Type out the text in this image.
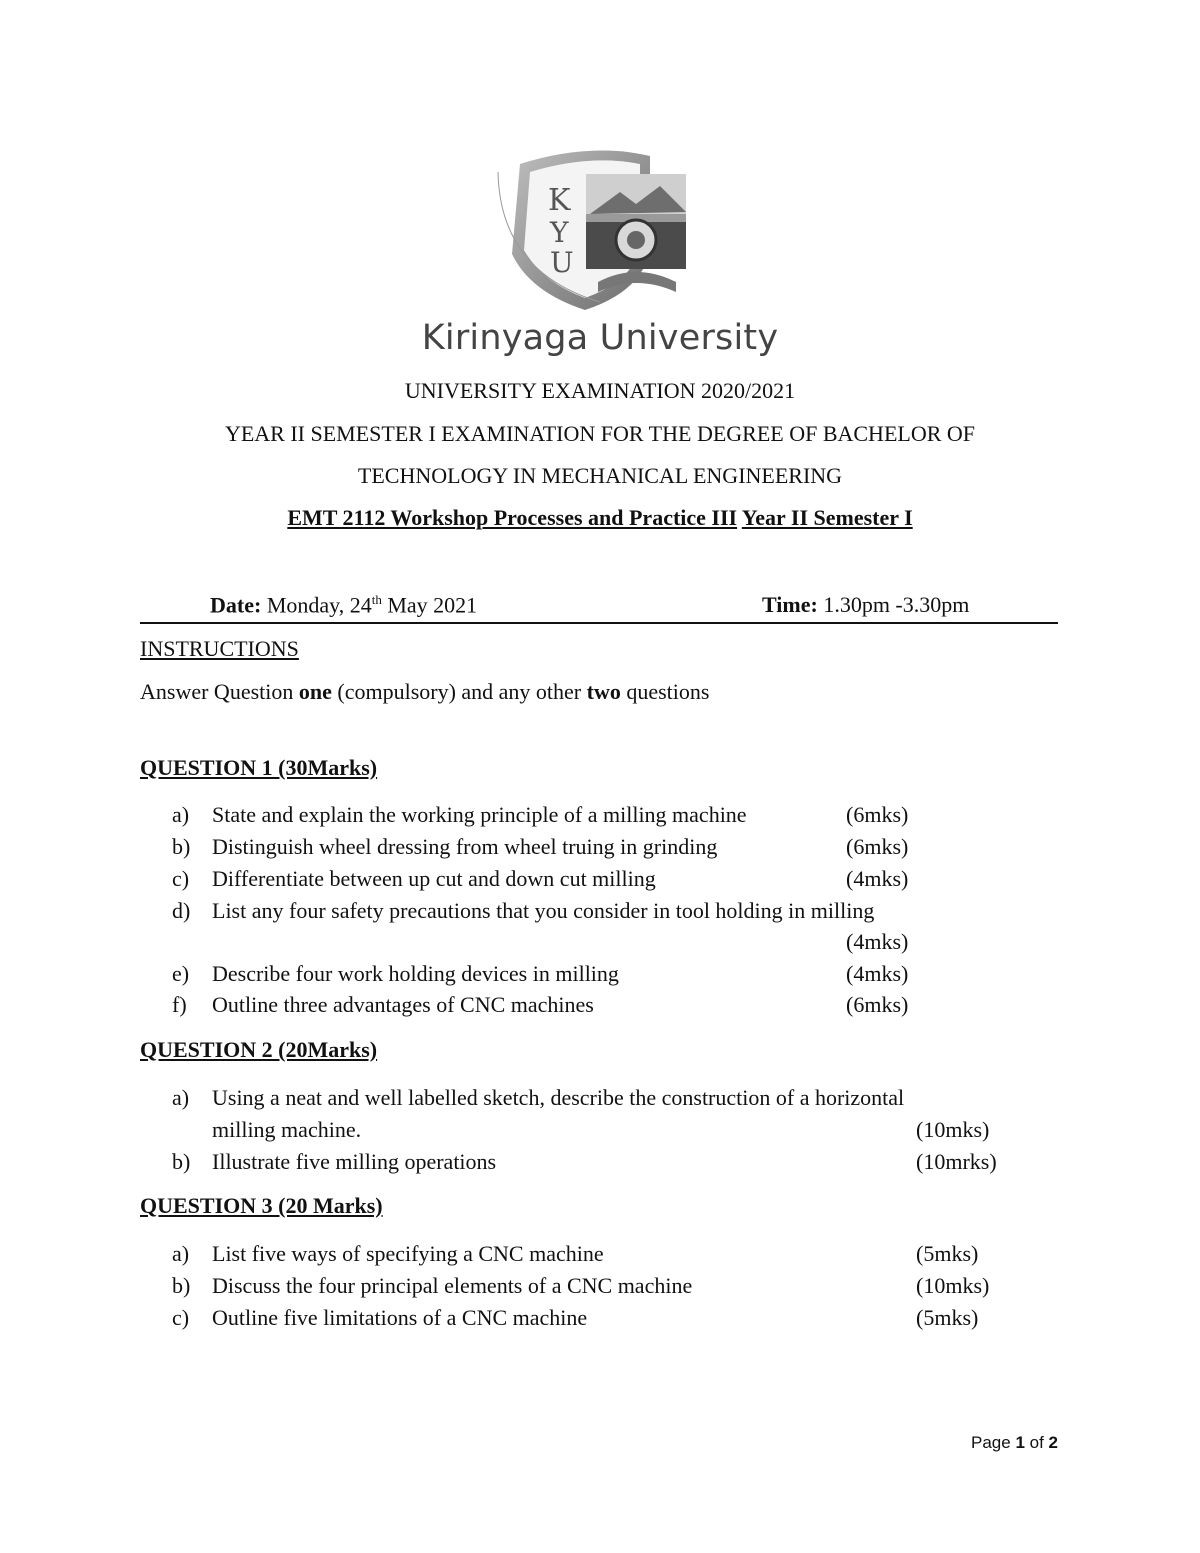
K
Y
U
Kirinyaga University
UNIVERSITY EXAMINATION 2020/2021
YEAR II SEMESTER I EXAMINATION FOR THE DEGREE OF BACHELOR OF
TECHNOLOGY IN MECHANICAL ENGINEERING
EMT 2112 Workshop Processes and Practice III Year II Semester I
Date: Monday, 24th May 2021	Time: 1.30pm -3.30pm
INSTRUCTIONS
Answer Question one (compulsory) and any other two questions
QUESTION 1 (30Marks)
a) State and explain the working principle of a milling machine	(6mks)
b) Distinguish wheel dressing from wheel truing in grinding	(6mks)
c) Differentiate between up cut and down cut milling	(4mks)
d) List any four safety precautions that you consider in tool holding in milling
(4mks)
e) Describe four work holding devices in milling	(4mks)
f) Outline three advantages of CNC machines	(6mks)
QUESTION 2 (20Marks)
a) Using a neat and well labelled sketch, describe the construction of a horizontal
milling machine.	(10mks)
b) Illustrate five milling operations	(10mrks)
QUESTION 3 (20 Marks)
a) List five ways of specifying a CNC machine	(5mks)
b) Discuss the four principal elements of a CNC machine	(10mks)
c) Outline five limitations of a CNC machine	(5mks)
Page 1 of 2
